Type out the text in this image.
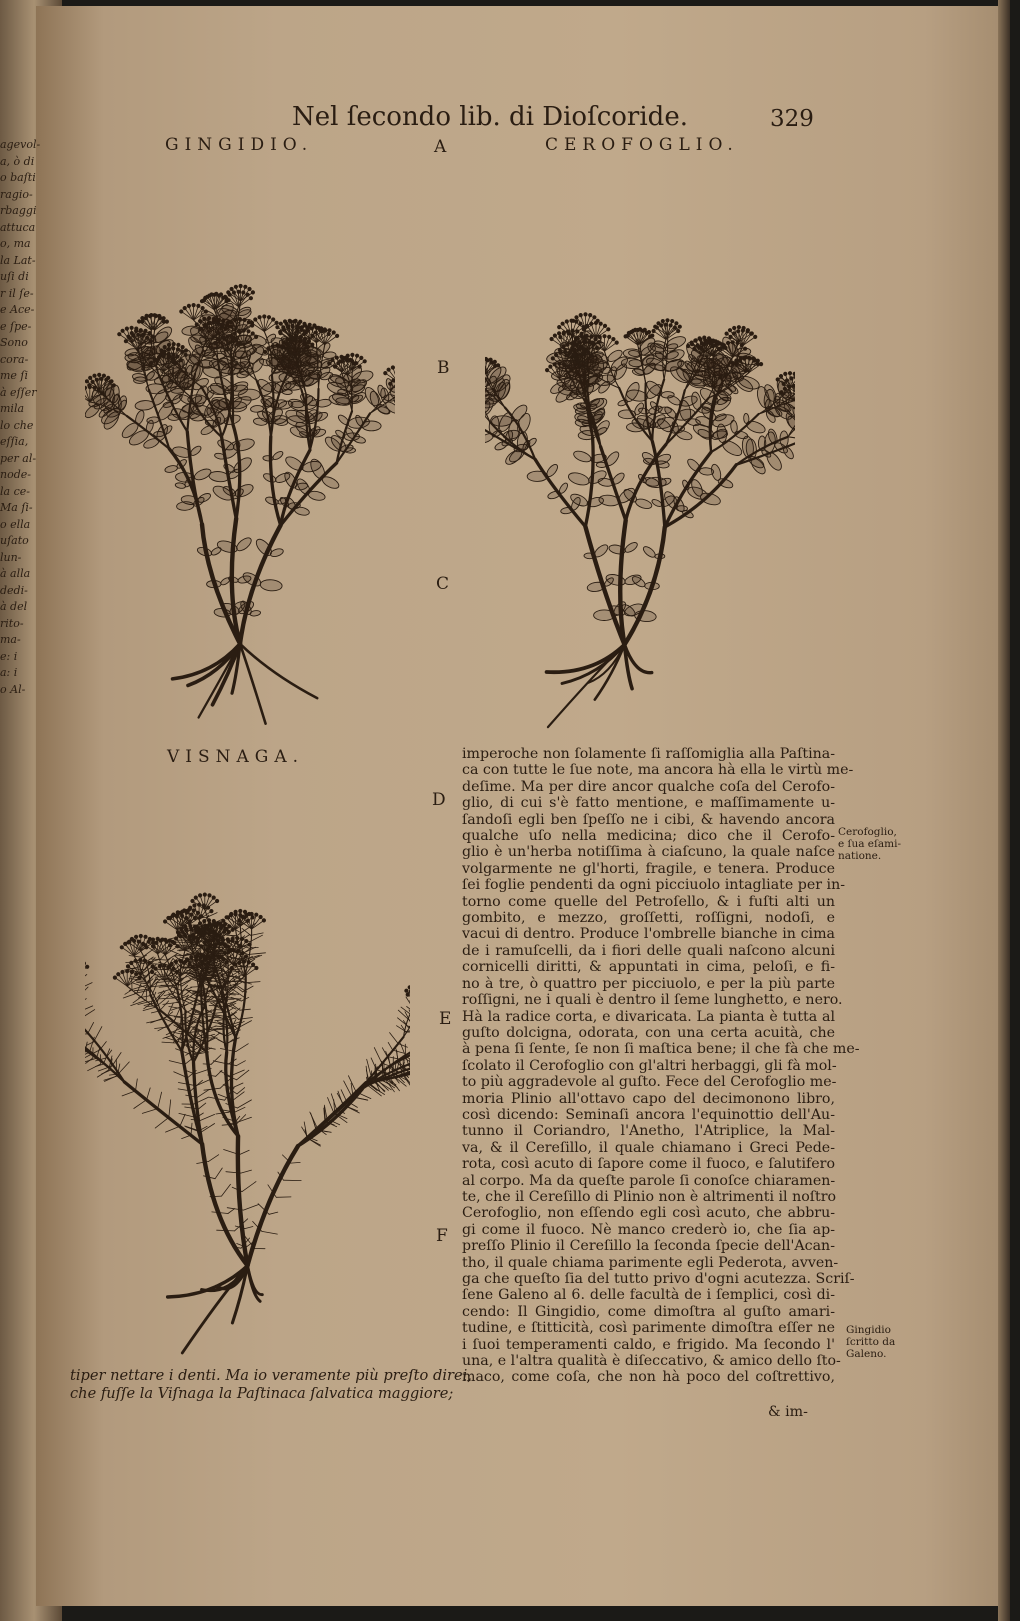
agevol-
a, ò di
o baſti
ragio-
rbaggi
attuca
o, ma
la Lat-
uſi di
r il ſe-
e Ace-
e ſpe-
Sono
cora-
me ſi
à eſſer
mila
lo che
eſſia,
per al-
node-
la ce-
Ma ſi-
o ella
uſato
lun-
à alla
dedi-
à del
rito-
ma-
e: i
a: i
o Al-
Nel ſecondo lib. di Dioſcoride.	329
GINGIDIO.	CEROFOGLIO.
VISNAGA.
A
B
C
D
E
F
tiper nettare i denti. Ma io veramente più preſto direi,
che fuſſe la Viſnaga la Paſtinaca ſalvatica maggiore;
imperoche non ſolamente ſi raſſomiglia alla Paſtina-
ca con tutte le ſue note, ma ancora hà ella le virtù me-
deſime. Ma per dire ancor qualche coſa del Cerofo-
glio, di cui s'è fatto mentione, e maſſimamente u-
ſandoſi egli ben ſpeſſo ne i cibi, & havendo ancora
qualche uſo nella medicina; dico che il Cerofo-
glio è un'herba notiſſima à ciaſcuno, la quale naſce
volgarmente ne gl'horti, fragile, e tenera. Produce
ſei foglie pendenti da ogni picciuolo intagliate per in-
torno come quelle del Petroſello, & i fuſti alti un
gombito, e mezzo, groſſetti, roſſigni, nodoſi, e
vacui di dentro. Produce l'ombrelle bianche in cima
de i ramuſcelli, da i fiori delle quali naſcono alcuni
cornicelli diritti, & appuntati in cima, peloſi, e fi-
no à tre, ò quattro per picciuolo, e per la più parte
roſſigni, ne i quali è dentro il ſeme lunghetto, e nero.
Hà la radice corta, e divaricata. La pianta è tutta al
guſto dolcigna, odorata, con una certa acuità, che
à pena ſi ſente, ſe non ſi maſtica bene; il che fà che me-
ſcolato il Cerofoglio con gl'altri herbaggi, gli fà mol-
to più aggradevole al guſto. Fece del Cerofoglio me-
moria Plinio all'ottavo capo del decimonono libro,
così dicendo: Seminaſi ancora l'equinottio dell'Au-
tunno il Coriandro, l'Anetho, l'Atriplice, la Mal-
va, & il Cereſillo, il quale chiamano i Greci Pede-
rota, così acuto di ſapore come il fuoco, e ſalutifero
al corpo. Ma da queſte parole ſi conoſce chiaramen-
te, che il Cereſillo di Plinio non è altrimenti il noſtro
Cerofoglio, non eſſendo egli così acuto, che abbru-
gi come il fuoco. Nè manco crederò io, che ſia ap-
preſſo Plinio il Cereſillo la ſeconda ſpecie dell'Acan-
tho, il quale chiama parimente egli Pederota, avven-
ga che queſto ſia del tutto privo d'ogni acutezza. Scriſ-
ſene Galeno al 6. delle facultà de i ſemplici, così di-
cendo: Il Gingidio, come dimoſtra al guſto amari-
tudine, e ſtitticità, così parimente dimoſtra eſſer ne
i ſuoi temperamenti caldo, e frigido. Ma ſecondo l'
una, e l'altra qualità è diſeccativo, & amico dello ſto-
maco, come coſa, che non hà poco del coſtrettivo,
& im-
Cerofoglio,
e ſua eſami-
natione.
Gingidio
ſcritto da
Galeno.
